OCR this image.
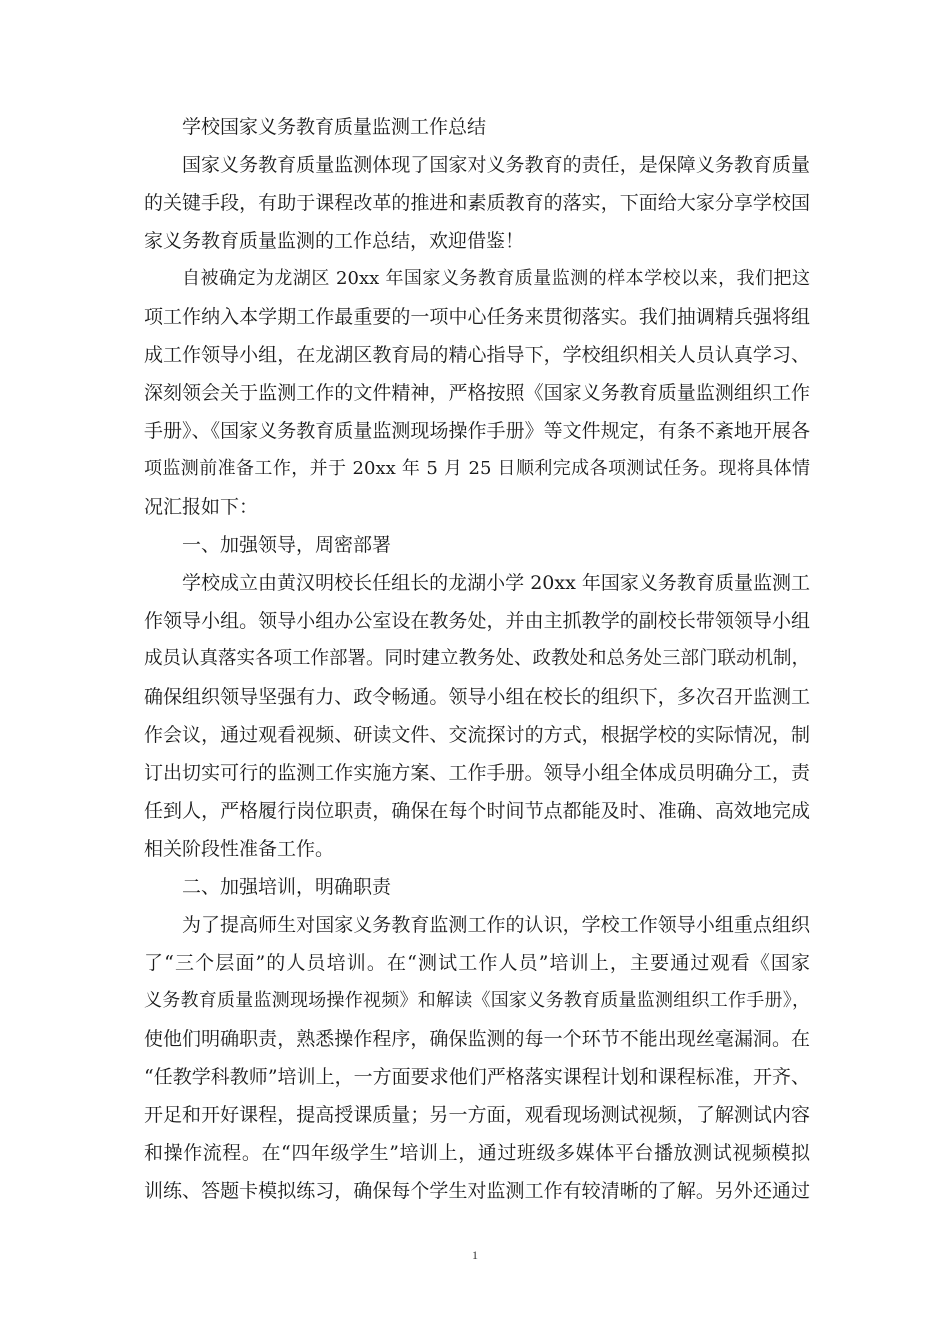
学校国家义务教育质量监测工作总结
国家义务教育质量监测体现了国家对义务教育的责任，是保障义务教育质量
的关键手段，有助于课程改革的推进和素质教育的落实，下面给大家分享学校国
家义务教育质量监测的工作总结，欢迎借鉴！
自被确定为龙湖区 20xx 年国家义务教育质量监测的样本学校以来，我们把这
项工作纳入本学期工作最重要的一项中心任务来贯彻落实。我们抽调精兵强将组
成工作领导小组，在龙湖区教育局的精心指导下，学校组织相关人员认真学习、
深刻领会关于监测工作的文件精神，严格按照《国家义务教育质量监测组织工作
手册》、《国家义务教育质量监测现场操作手册》等文件规定，有条不紊地开展各
项监测前准备工作，并于 20xx 年 5 月 25 日顺利完成各项测试任务。现将具体情
况汇报如下：
一、加强领导，周密部署
学校成立由黄汉明校长任组长的龙湖小学 20xx 年国家义务教育质量监测工
作领导小组。领导小组办公室设在教务处，并由主抓教学的副校长带领领导小组
成员认真落实各项工作部署。同时建立教务处、政教处和总务处三部门联动机制，
确保组织领导坚强有力、政令畅通。领导小组在校长的组织下，多次召开监测工
作会议，通过观看视频、研读文件、交流探讨的方式，根据学校的实际情况，制
订出切实可行的监测工作实施方案、工作手册。领导小组全体成员明确分工，责
任到人，严格履行岗位职责，确保在每个时间节点都能及时、准确、高效地完成
相关阶段性准备工作。
二、加强培训，明确职责
为了提高师生对国家义务教育监测工作的认识，学校工作领导小组重点组织
了“三个层面”的人员培训。在“测试工作人员”培训上，主要通过观看《国家
义务教育质量监测现场操作视频》和解读《国家义务教育质量监测组织工作手册》，
使他们明确职责，熟悉操作程序，确保监测的每一个环节不能出现丝毫漏洞。在
“任教学科教师”培训上，一方面要求他们严格落实课程计划和课程标准，开齐、
开足和开好课程，提高授课质量；另一方面，观看现场测试视频，了解测试内容
和操作流程。在“四年级学生”培训上，通过班级多媒体平台播放测试视频模拟
训练、答题卡模拟练习，确保每个学生对监测工作有较清晰的了解。另外还通过
1
